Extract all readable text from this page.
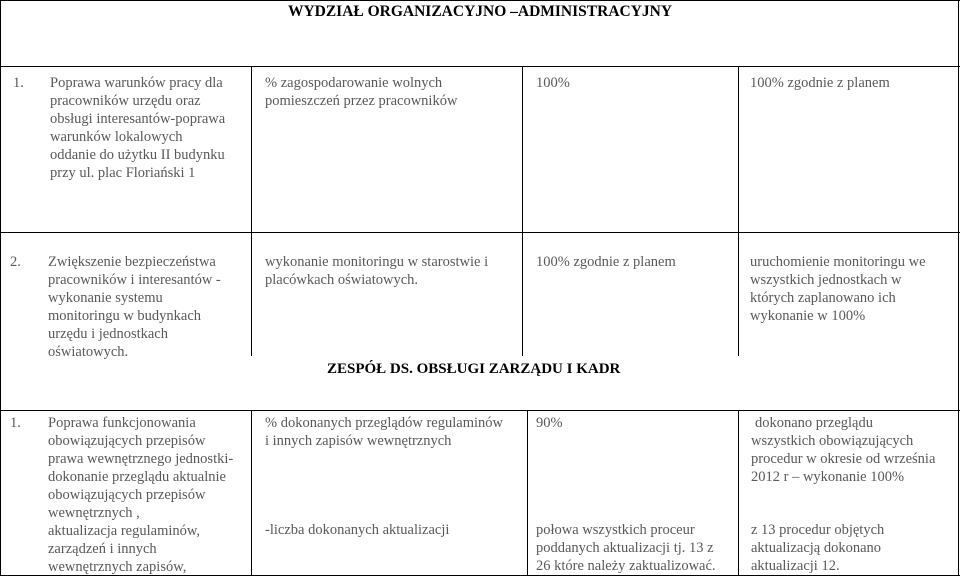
WYDZIAŁ ORGANIZACYJNO –ADMINISTRACYJNY
1. Poprawa warunków pracy dla
pracowników urzędu oraz
obsługi interesantów-poprawa
warunków lokalowych
oddanie do użytku II budynku
przy ul. plac Floriański 1
% zagospodarowanie wolnych
pomieszczeń przez pracowników
100%	100% zgodnie z planem
2. Zwiększenie bezpieczeństwa
pracowników i interesantów -
wykonanie systemu
monitoringu w budynkach
urzędu i jednostkach
oświatowych.
wykonanie monitoringu w starostwie i
placówkach oświatowych.
100% zgodnie z planem	uruchomienie monitoringu we
wszystkich jednostkach w
których zaplanowano ich
wykonanie w 100%
ZESPÓŁ DS. OBSŁUGI ZARZĄDU I KADR
1. Poprawa funkcjonowania
obowiązujących przepisów
prawa wewnętrznego jednostki-
dokonanie przeglądu aktualnie
obowiązujących przepisów
wewnętrznych ,
aktualizacja regulaminów,
zarządzeń i innych
wewnętrznych zapisów,
% dokonanych przeglądów regulaminów
i innych zapisów wewnętrznych
-liczba dokonanych aktualizacji
90%
połowa wszystkich proceur
poddanych aktualizacji tj. 13 z
26 które należy zaktualizować.
dokonano przeglądu
wszystkich obowiązujących
procedur w okresie od września
2012 r – wykonanie 100%
z 13 procedur objętych
aktualizacją dokonano
aktualizacji 12.
